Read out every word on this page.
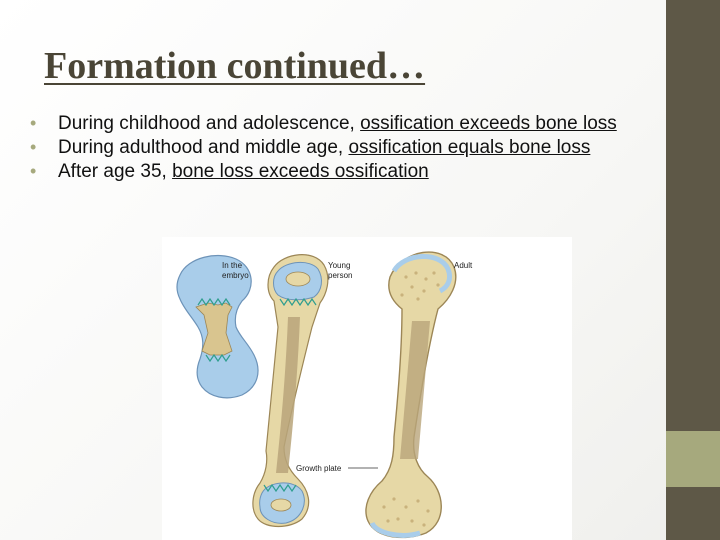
Formation continued…
• During childhood and adolescence, ossification exceeds bone loss
• During adulthood and middle age, ossification equals bone loss
• After age 35, bone loss exceeds ossification
In the
embryo
Young
person
Adult
Growth plate
